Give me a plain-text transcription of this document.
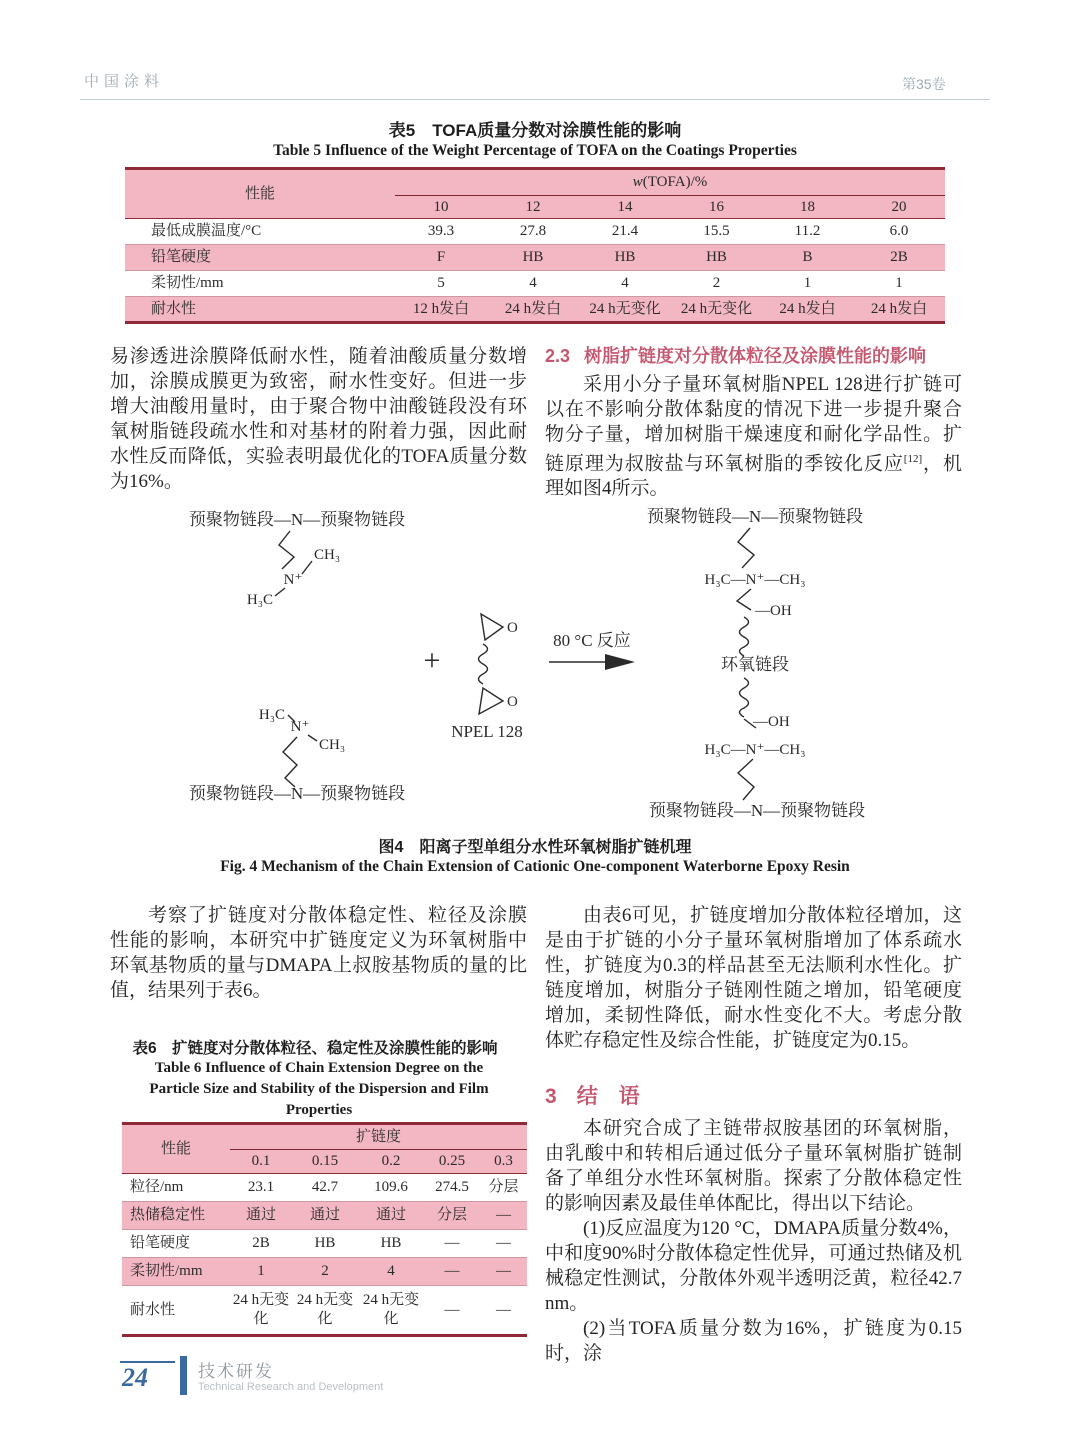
中国涂料	第35卷
表5　TOFA质量分数对涂膜性能的影响
Table 5 Influence of the Weight Percentage of TOFA on the Coatings Properties
性能	w(TOFA)/%					
	10	12	14	16	18	20
最低成膜温度/°C	39.3	27.8	21.4	15.5	11.2	6.0
铅笔硬度	F	HB	HB	HB	B	2B
柔韧性/mm	5	4	4	2	1	1
耐水性	12 h发白	24 h发白	24 h无变化	24 h无变化	24 h发白	24 h发白

易渗透进涂膜降低耐水性，随着油酸质量分数增加，涂膜成膜更为致密，耐水性变好。但进一步增大油酸用量时，由于聚合物中油酸链段没有环氧树脂链段疏水性和对基材的附着力强，因此耐水性反而降低，实验表明最优化的TOFA质量分数为16%。

2.3 树脂扩链度对分散体粒径及涂膜性能的影响

采用小分子量环氧树脂NPEL 128进行扩链可以在不影响分散体黏度的情况下进一步提升聚合物分子量，增加树脂干燥速度和耐化学品性。扩链原理为叔胺盐与环氧树脂的季铵化反应[12]，机理如图4所示。

预聚物链段—N—预聚物链段
N⁺
CH₃
H₃C
H₃C
N⁺
CH₃
预聚物链段—N—预聚物链段
+
O
O
NPEL 128
80 °C 反应
预聚物链段—N—预聚物链段
H₃C—N⁺—CH₃
—OH
环氧链段
—OH
H₃C—N⁺—CH₃
预聚物链段—N—预聚物链段
图4　阳离子型单组分水性环氧树脂扩链机理
Fig. 4 Mechanism of the Chain Extension of Cationic One-component Waterborne Epoxy Resin

考察了扩链度对分散体稳定性、粒径及涂膜性能的影响，本研究中扩链度定义为环氧树脂中环氧基物质的量与DMAPA上叔胺基物质的量的比值，结果列于表6。

表6　扩链度对分散体粒径、稳定性及涂膜性能的影响
Table 6 Influence of Chain Extension Degree on the Particle Size and Stability of the Dispersion and Film Properties
性能	扩链度				
	0.1	0.15	0.2	0.25	0.3
粒径/nm	23.1	42.7	109.6	274.5	分层
热储稳定性	通过	通过	通过	分层	—
铅笔硬度	2B	HB	HB	—	—
柔韧性/mm	1	2	4	—	—
耐水性	24 h无变化	24 h无变化	24 h无变化	—	—

由表6可见，扩链度增加分散体粒径增加，这是由于扩链的小分子量环氧树脂增加了体系疏水性，扩链度为0.3的样品甚至无法顺利水性化。扩链度增加，树脂分子链刚性随之增加，铅笔硬度增加，柔韧性降低，耐水性变化不大。考虑分散体贮存稳定性及综合性能，扩链度定为0.15。

3 结　语

本研究合成了主链带叔胺基团的环氧树脂，由乳酸中和转相后通过低分子量环氧树脂扩链制备了单组分水性环氧树脂。探索了分散体稳定性的影响因素及最佳单体配比，得出以下结论。

(1)反应温度为120 °C，DMAPA质量分数4%，中和度90%时分散体稳定性优异，可通过热储及机械稳定性测试，分散体外观半透明泛黄，粒径42.7 nm。

(2)当TOFA质量分数为16%，扩链度为0.15时，涂

24	技术研发
Technical Research and Development
